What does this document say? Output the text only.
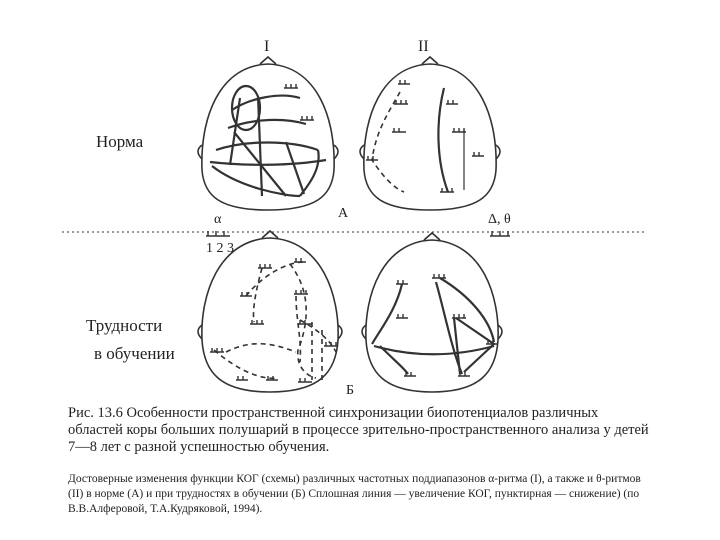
I	II
Норма
Трудности
в обучении
А
Б
α
1 2 3
Δ, θ
Рис. 13.6 Особенности пространственной синхронизации биопотенциалов различных областей коры больших полушарий в процессе зрительно-пространственного анализа у детей 7—8 лет с разной успешностью обучения.
Достоверные изменения функции КОГ (схемы) различных частотных поддиапазонов α-ритма (I), а также и θ-ритмов (II) в норме (А) и при трудностях в обучении (Б) Сплошная линия — увеличение КОГ, пунктирная — снижение) (по В.В.Алферовой, Т.А.Кудряковой, 1994).
